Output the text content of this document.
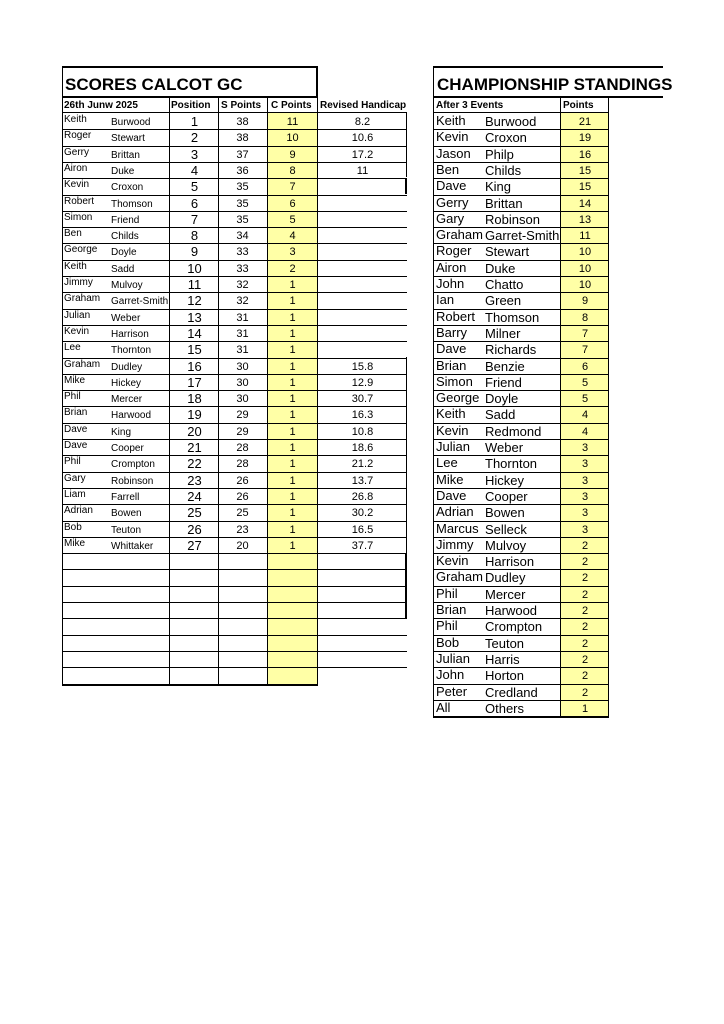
SCORES CALCOT GC
26th Junw 2025	Position S Points C Points Revised Handicap
Keith Burwood	1	38	11	8.2
Roger Stewart	2	38	10	10.6
Gerry Brittan	3	37	9	17.2
Airon Duke	4	36	8	11
Kevin Croxon	5	35	7
Robert Thomson	6	35	6
Simon Friend	7	35	5
Ben	Childs	8	34	4
George Doyle	9	33	3
Keith Sadd	10	33	2
Jimmy Mulvoy	11	32	1
Graham Garret-Smith	12	32	1
Julian Weber	13	31	1
Kevin Harrison	14	31	1
Lee	Thornton	15	31	1
Graham Dudley	16	30	1	15.8
Mike	Hickey	17	30	1	12.9
Phil	Mercer	18	30	1	30.7
Brian Harwood	19	29	1	16.3
Dave King	20	29	1	10.8
Dave Cooper	21	28	1	18.6
Phil	Crompton	22	28	1	21.2
Gary	Robinson	23	26	1	13.7
Liam	Farrell	24	26	1	26.8
Adrian Bowen	25	25	1	30.2
Bob	Teuton	26	23	1	16.5
Mike	Whittaker	27	20	1	37.7
CHAMPIONSHIP STANDINGS
After 3 Events	Points
Keith Burwood	21
Kevin Croxon	19
Jason Philp	16
Ben Childs	15
Dave King	15
Gerry Brittan	14
Gary Robinson	13
Graham Garret-Smith	11
Roger Stewart	10
Airon Duke	10
John Chatto	10
Ian Green	9
Robert Thomson	8
Barry Milner	7
Dave Richards	7
Brian Benzie	6
Simon Friend	5
George Doyle	5
Keith Sadd	4
Kevin Redmond	4
Julian Weber	3
Lee Thornton	3
Mike Hickey	3
Dave Cooper	3
Adrian Bowen	3
Marcus Selleck	3
Jimmy Mulvoy	2
Kevin Harrison	2
Graham Dudley	2
Phil Mercer	2
Brian Harwood	2
Phil Crompton	2
Bob Teuton	2
Julian Harris	2
John Horton	2
Peter Credland	2
All	Others	1
